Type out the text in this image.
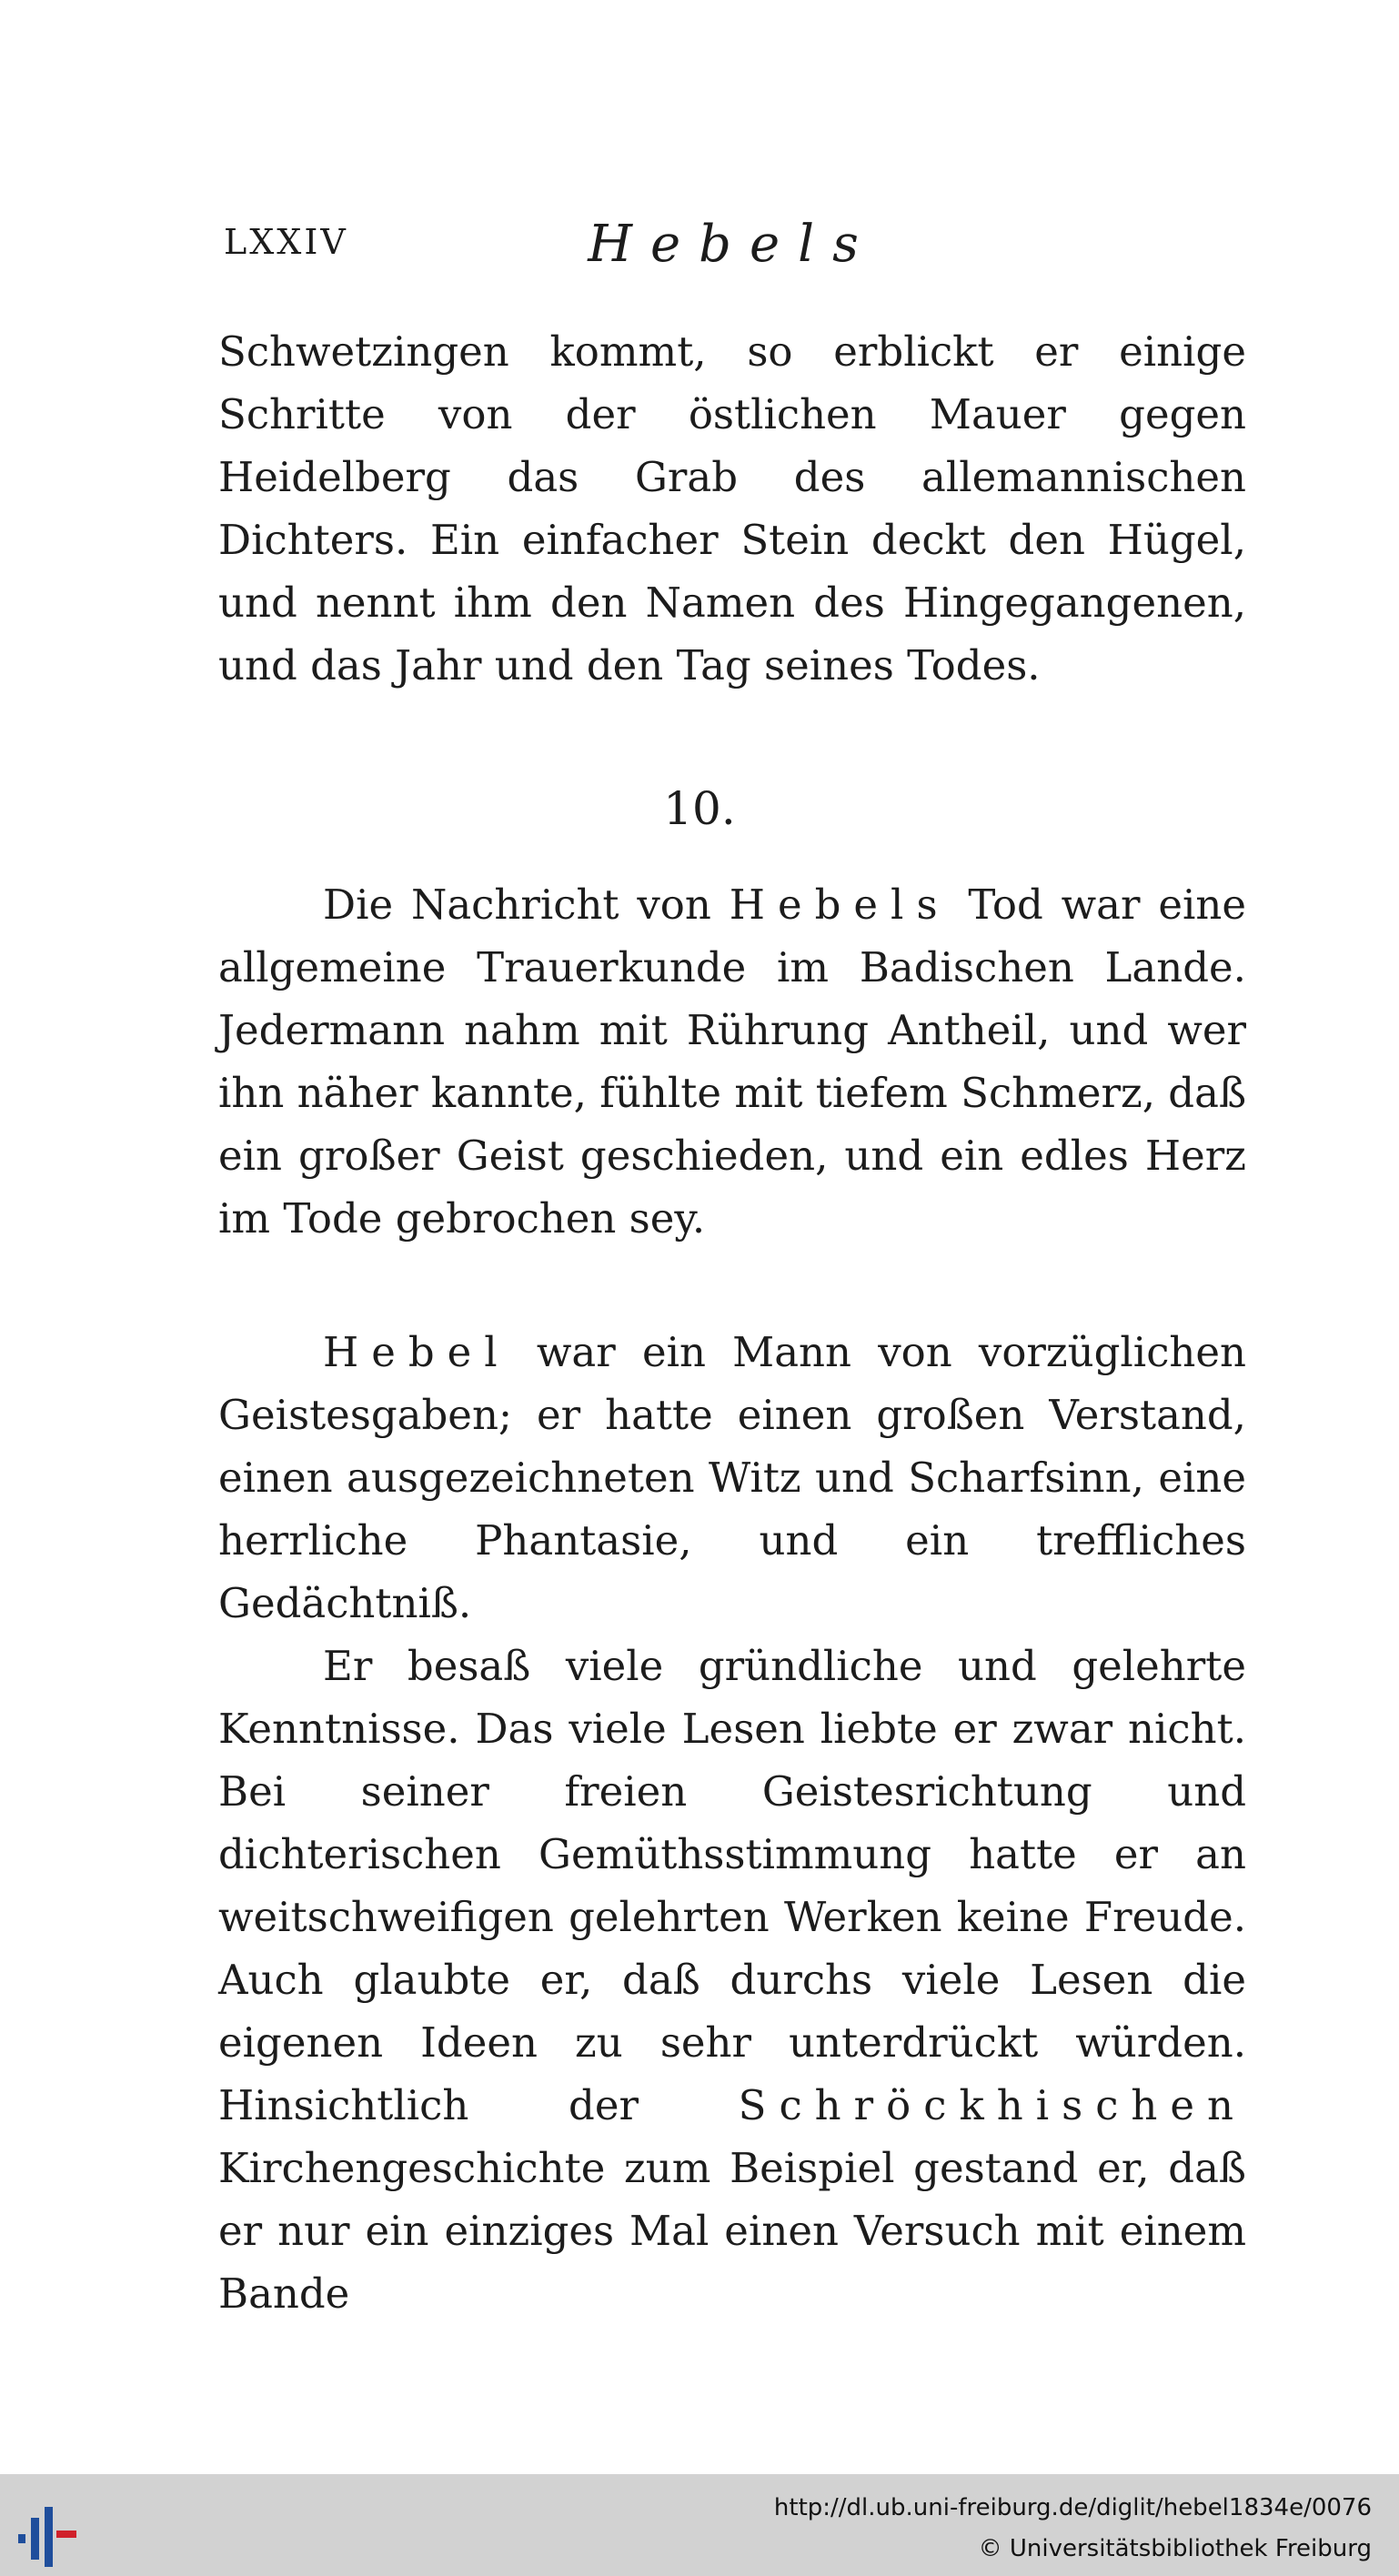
LXXIV	Hebels

Schwetzingen kommt, so erblickt er einige Schritte von der östlichen Mauer gegen Heidelberg das Grab des allemannischen Dichters. Ein einfacher Stein deckt den Hügel, und nennt ihm den Namen des Hingegangenen, und das Jahr und den Tag seines Todes.

10.

Die Nachricht von Hebels Tod war eine allgemeine Trauerkunde im Badischen Lande. Jedermann nahm mit Rührung Antheil, und wer ihn näher kannte, fühlte mit tiefem Schmerz, daß ein großer Geist geschieden, und ein edles Herz im Tode gebrochen sey.

Hebel war ein Mann von vorzüglichen Geistesgaben; er hatte einen großen Verstand, einen ausgezeichneten Witz und Scharfsinn, eine herrliche Phantasie, und ein treffliches Gedächtniß.

Er besaß viele gründliche und gelehrte Kenntnisse. Das viele Lesen liebte er zwar nicht. Bei seiner freien Geistesrichtung und dichterischen Gemüthsstimmung hatte er an weitschweifigen gelehrten Werken keine Freude. Auch glaubte er, daß durchs viele Lesen die eigenen Ideen zu sehr unterdrückt würden. Hinsichtlich der Schröckhischen Kirchengeschichte zum Beispiel gestand er, daß er nur ein einziges Mal einen Versuch mit einem Bande

http://dl.ub.uni-freiburg.de/diglit/hebel1834e/0076
© Universitätsbibliothek Freiburg
